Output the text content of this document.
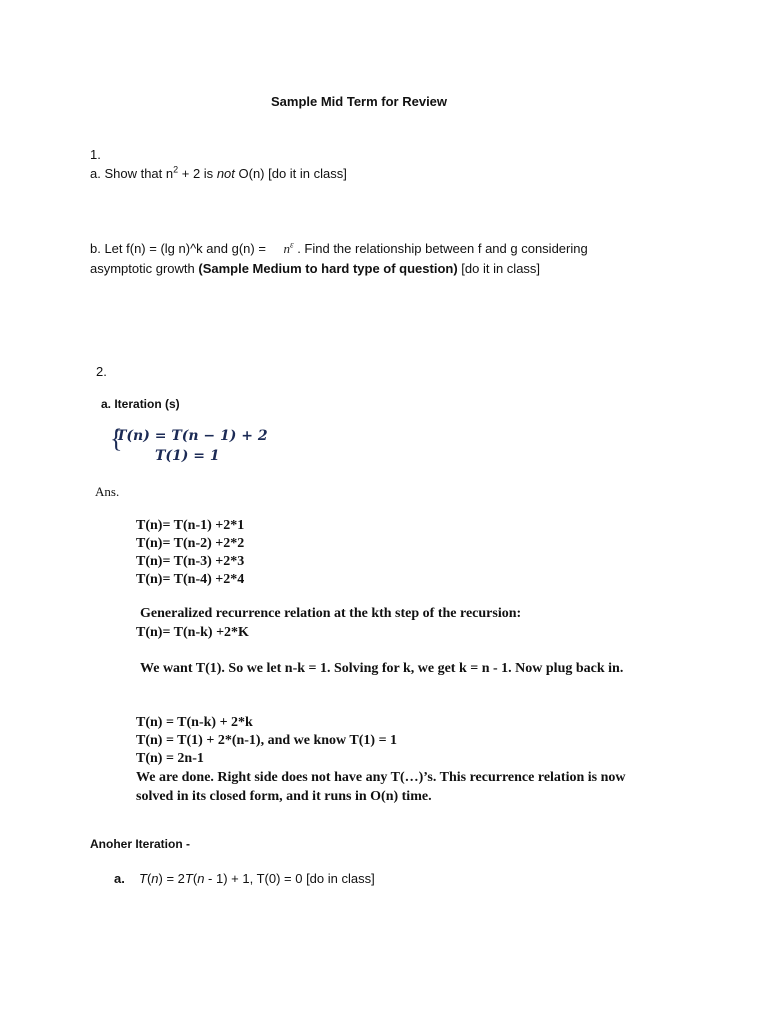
Sample Mid Term for Review
1.
a. Show that $n^2 + 2$ is not O(n) [do it in class]
b. Let f(n) = (lg n)^k and $g(n) = n^\varepsilon$ . Find the relationship between f and g considering
asymptotic growth (Sample Medium to hard type of question) [do it in class]
2.
a. Iteration (s)
{
T(n) = T(n − 1) + 2
T(1) = 1
Ans.
T(n)= T(n-1) +2*1
T(n)= T(n-2) +2*2
T(n)= T(n-3) +2*3
T(n)= T(n-4) +2*4
Generalized recurrence relation at the kth step of the recursion:
T(n)= T(n-k) +2*K
We want T(1). So we let n-k = 1. Solving for k, we get k = n - 1. Now plug back in.
T(n) = T(n-k) + 2*k
T(n) = T(1) + 2*(n-1), and we know T(1) = 1
T(n) = 2n-1
We are done. Right side does not have any T(…)’s. This recurrence relation is now
solved in its closed form, and it runs in O(n) time.
Anoher Iteration -
a. T(n) = 2T(n - 1) + 1, T(0) = 0 [do in class]
